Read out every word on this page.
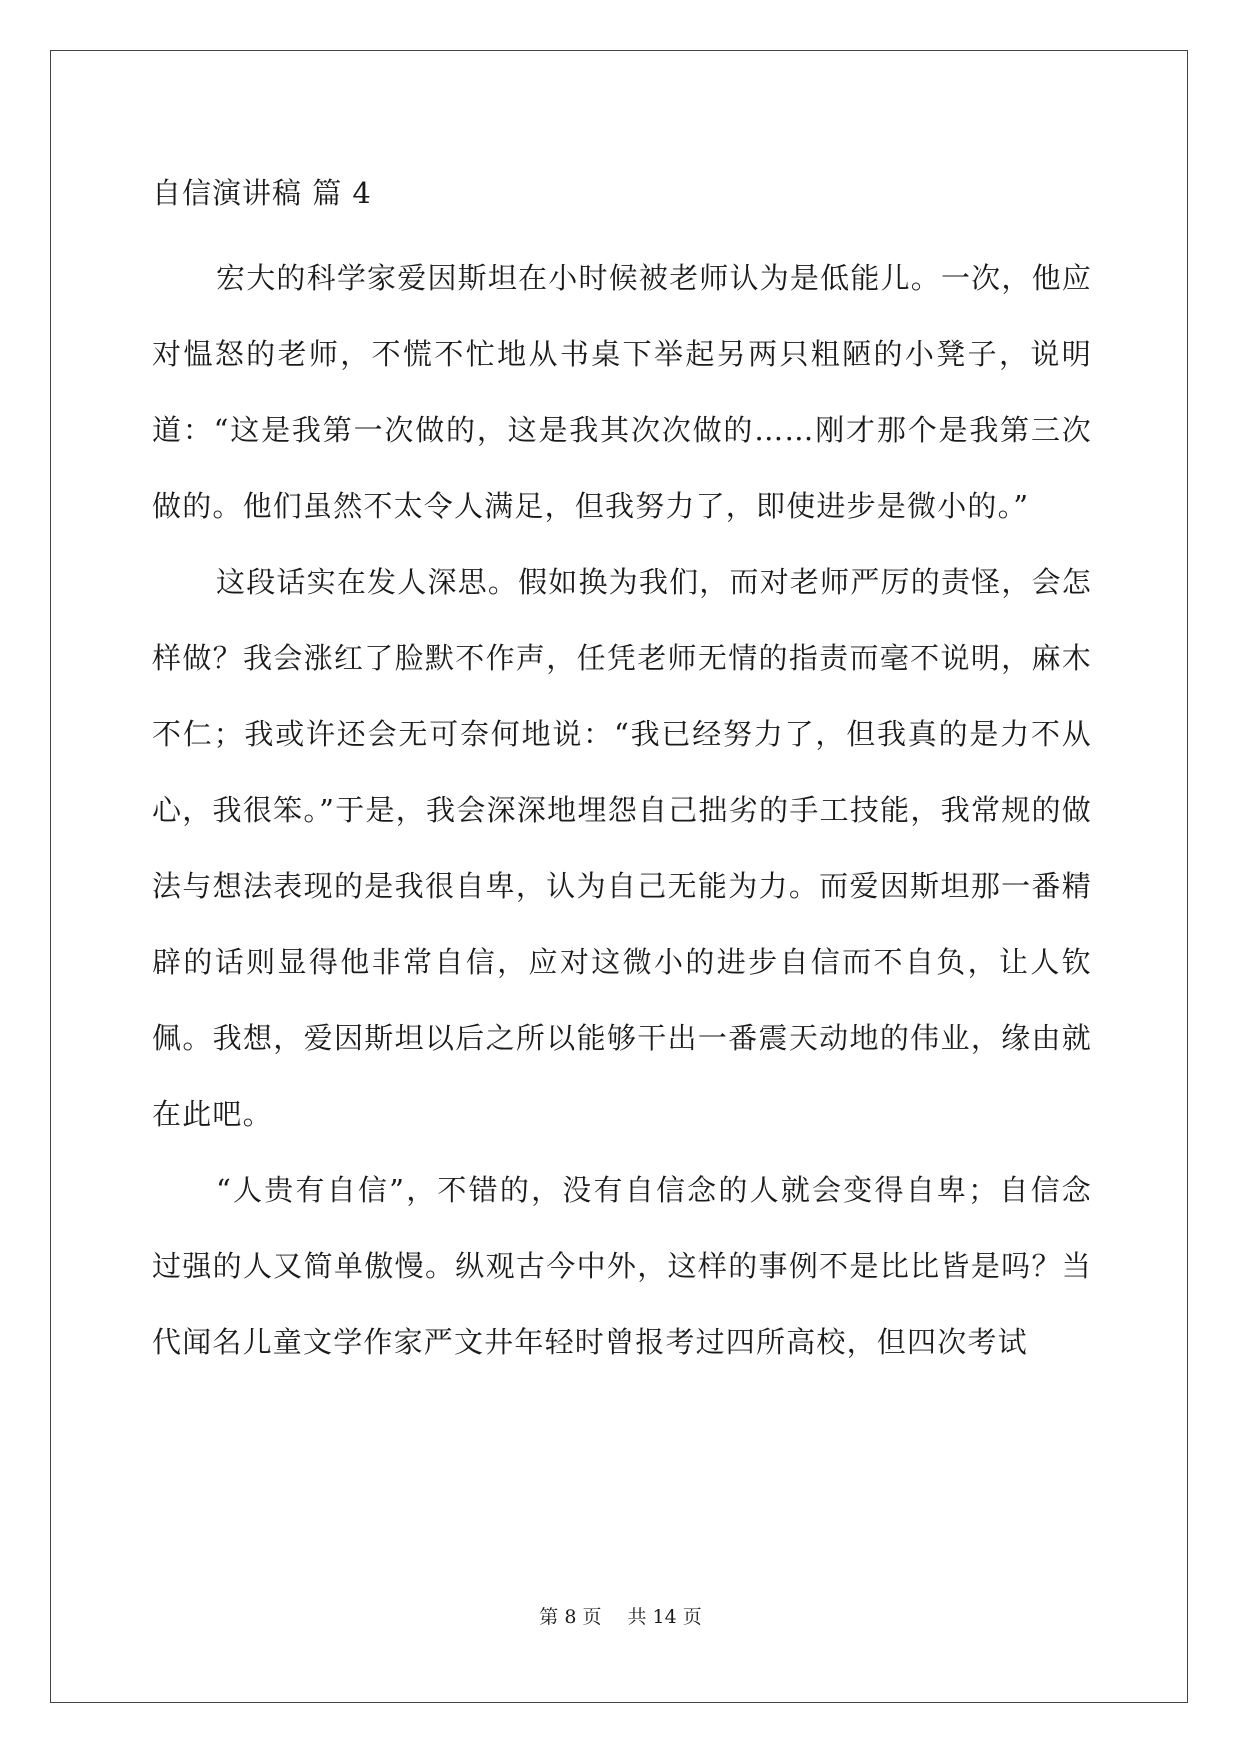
自信演讲稿 篇 4

宏大的科学家爱因斯坦在小时候被老师认为是低能儿。一次，他应对愠怒的老师，不慌不忙地从书桌下举起另两只粗陋的小凳子，说明道：“这是我第一次做的，这是我其次次做的……刚才那个是我第三次做的。他们虽然不太令人满足，但我努力了，即使进步是微小的。”

这段话实在发人深思。假如换为我们，而对老师严厉的责怪，会怎样做？我会涨红了脸默不作声，任凭老师无情的指责而毫不说明，麻木不仁；我或许还会无可奈何地说：“我已经努力了，但我真的是力不从心，我很笨。”于是，我会深深地埋怨自己拙劣的手工技能，我常规的做法与想法表现的是我很自卑，认为自己无能为力。而爱因斯坦那一番精辟的话则显得他非常自信，应对这微小的进步自信而不自负，让人钦佩。我想，爱因斯坦以后之所以能够干出一番震天动地的伟业，缘由就在此吧。

“人贵有自信”，不错的，没有自信念的人就会变得自卑；自信念过强的人又简单傲慢。纵观古今中外，这样的事例不是比比皆是吗？当代闻名儿童文学作家严文井年轻时曾报考过四所高校，但四次考试

第 8 页 共 14 页
